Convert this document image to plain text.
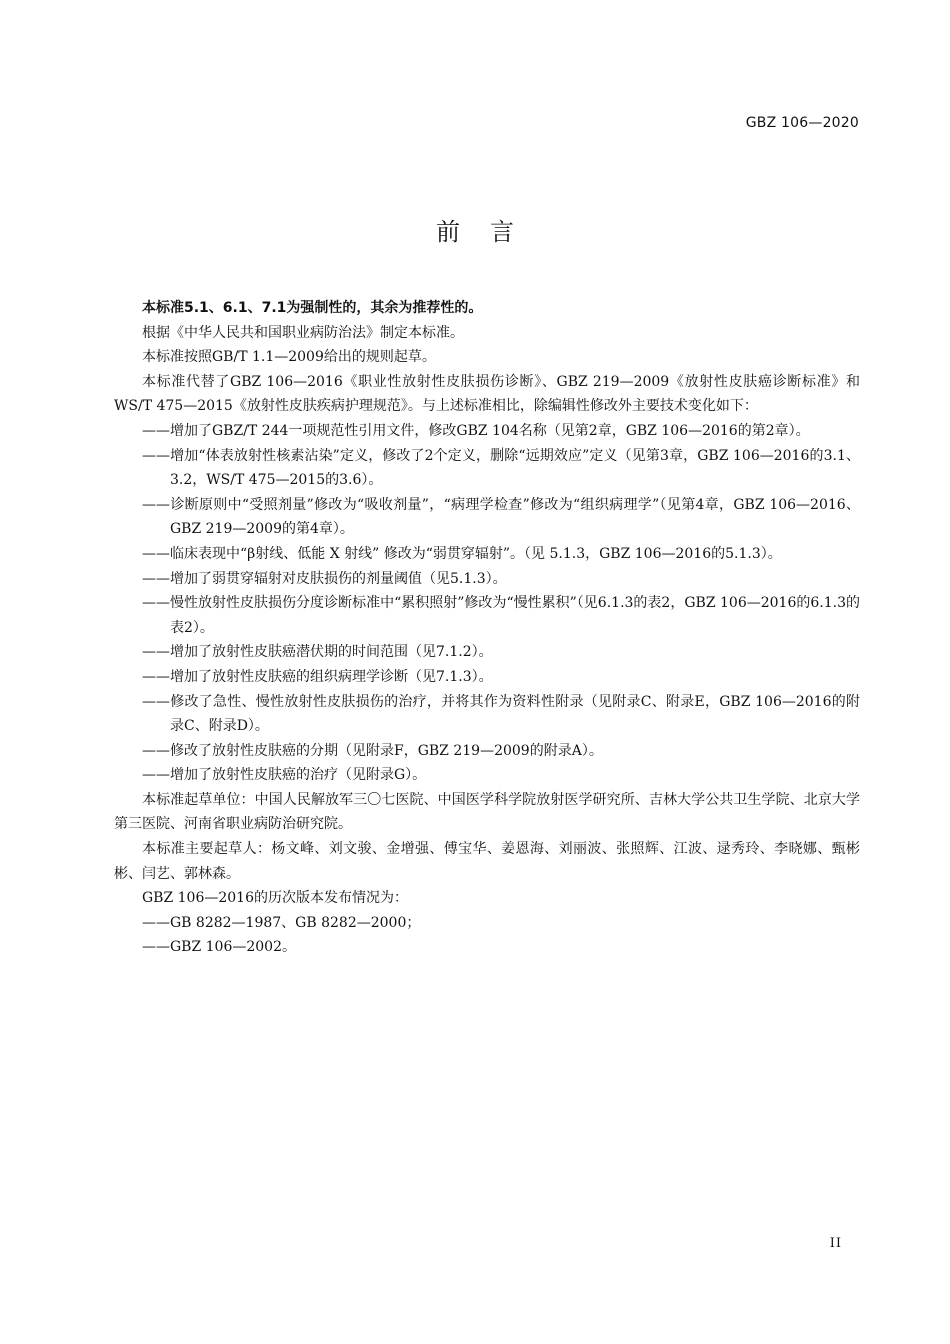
GBZ 106—2020
前言

本标准5.1、6.1、7.1为强制性的，其余为推荐性的。

根据《中华人民共和国职业病防治法》制定本标准。

本标准按照GB/T 1.1—2009给出的规则起草。

本标准代替了GBZ 106—2016《职业性放射性皮肤损伤诊断》、GBZ 219—2009《放射性皮肤癌诊断标准》和WS/T 475—2015《放射性皮肤疾病护理规范》。与上述标准相比，除编辑性修改外主要技术变化如下：

——增加了GBZ/T 244一项规范性引用文件，修改GBZ 104名称（见第2章，GBZ 106—2016的第2章）。
——增加“体表放射性核素沾染”定义，修改了2个定义，删除“远期效应”定义（见第3章，GBZ 106—2016的3.1、3.2，WS/T 475—2015的3.6）。
——诊断原则中“受照剂量”修改为“吸收剂量”，“病理学检查”修改为“组织病理学”（见第4章，GBZ 106—2016、GBZ 219—2009的第4章）。
——临床表现中“β射线、低能 X 射线” 修改为“弱贯穿辐射”。（见 5.1.3，GBZ 106—2016的5.1.3）。
——增加了弱贯穿辐射对皮肤损伤的剂量阈值（见5.1.3）。
——慢性放射性皮肤损伤分度诊断标准中“累积照射”修改为“慢性累积”（见6.1.3的表2，GBZ 106—2016的6.1.3的表2）。
——增加了放射性皮肤癌潜伏期的时间范围（见7.1.2）。
——增加了放射性皮肤癌的组织病理学诊断（见7.1.3）。
——修改了急性、慢性放射性皮肤损伤的治疗，并将其作为资料性附录（见附录C、附录E，GBZ 106—2016的附录C、附录D）。
——修改了放射性皮肤癌的分期（见附录F，GBZ 219—2009的附录A）。
——增加了放射性皮肤癌的治疗（见附录G）。

本标准起草单位：中国人民解放军三〇七医院、中国医学科学院放射医学研究所、吉林大学公共卫生学院、北京大学第三医院、河南省职业病防治研究院。

本标准主要起草人：杨文峰、刘文骏、金增强、傅宝华、姜恩海、刘丽波、张照辉、江波、逯秀玲、李晓娜、甄彬彬、闫艺、郭林森。

GBZ 106—2016的历次版本发布情况为：

——GB 8282—1987、GB 8282—2000；
——GBZ 106—2002。
II
